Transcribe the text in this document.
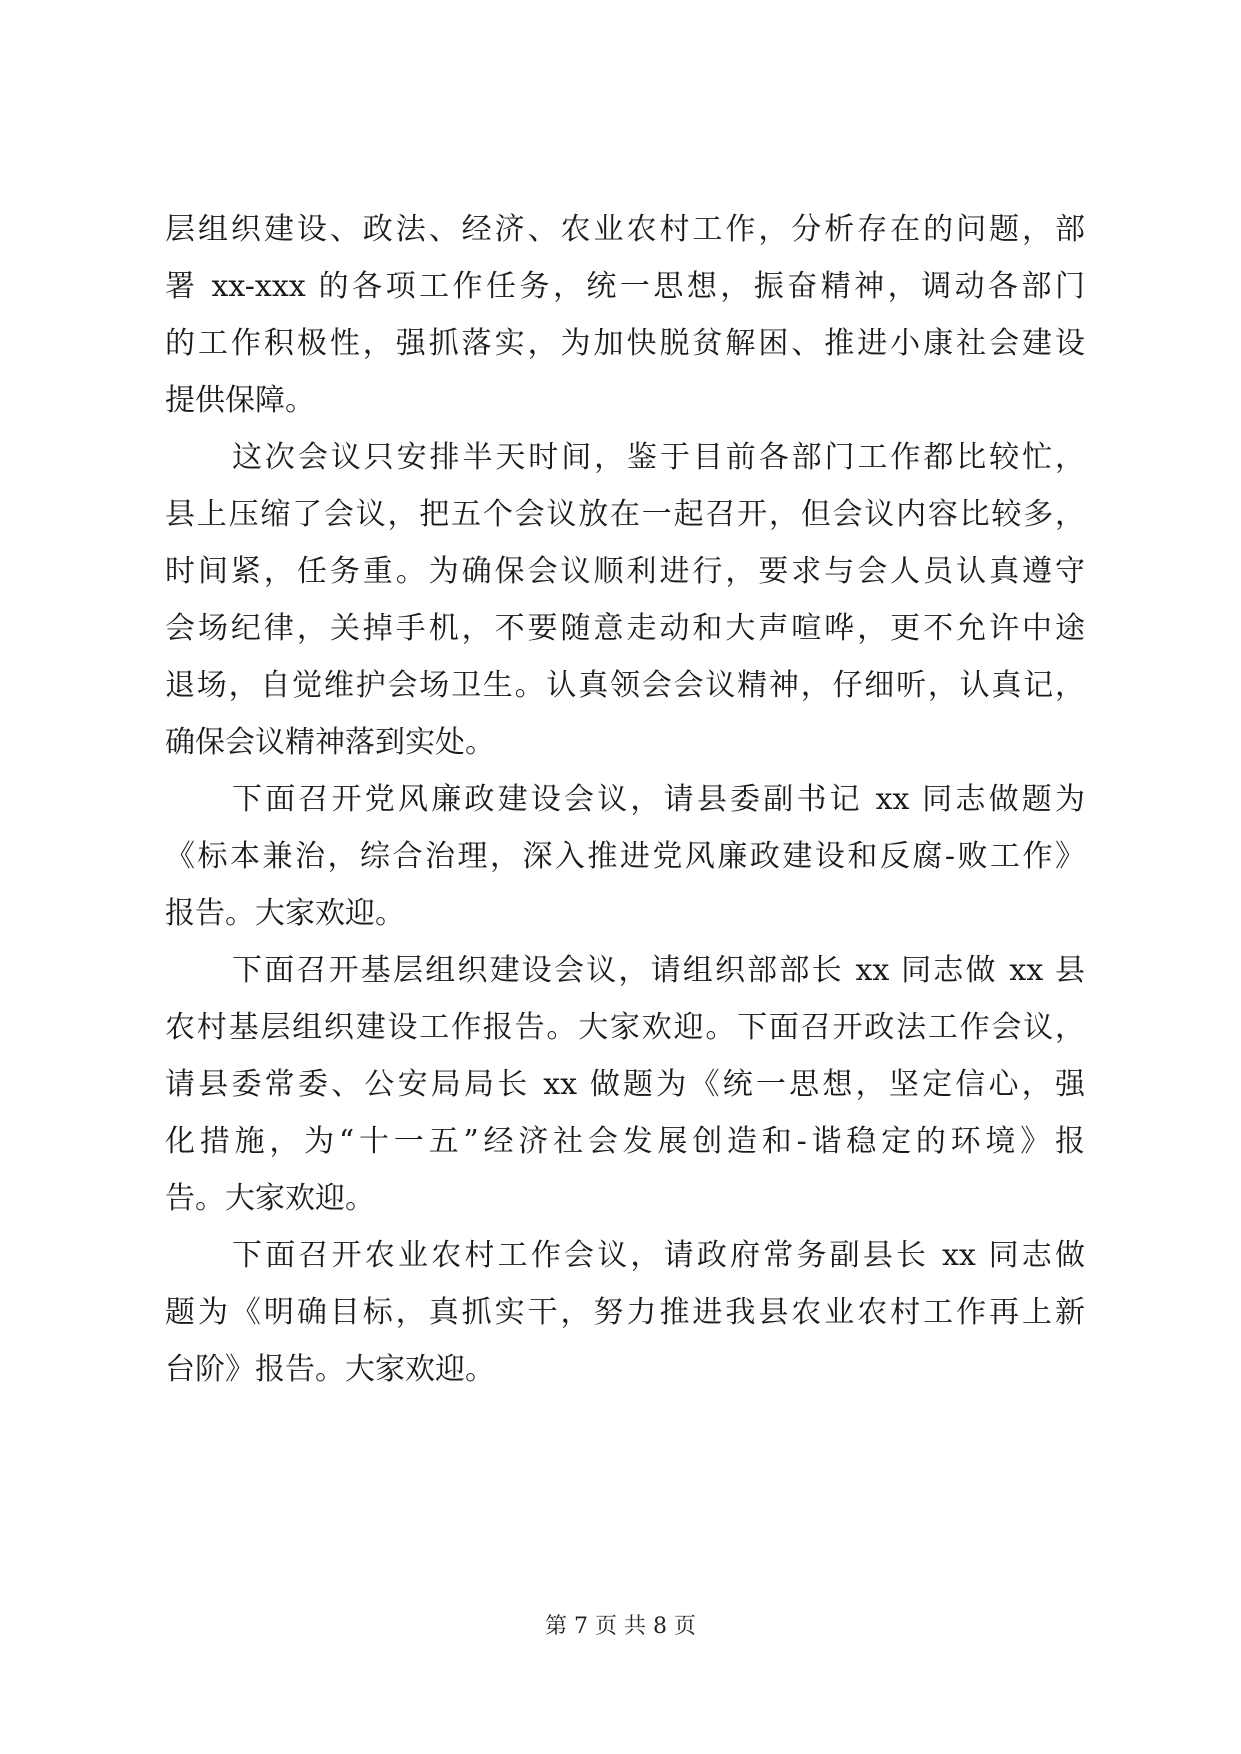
层组织建设、政法、经济、农业农村工作，分析存在的问题，部
署 xx-xxx 的各项工作任务，统一思想，振奋精神，调动各部门
的工作积极性，强抓落实，为加快脱贫解困、推进小康社会建设
提供保障。
这次会议只安排半天时间，鉴于目前各部门工作都比较忙，
县上压缩了会议，把五个会议放在一起召开，但会议内容比较多，
时间紧，任务重。为确保会议顺利进行，要求与会人员认真遵守
会场纪律，关掉手机，不要随意走动和大声喧哗，更不允许中途
退场，自觉维护会场卫生。认真领会会议精神，仔细听，认真记，
确保会议精神落到实处。
下面召开党风廉政建设会议，请县委副书记 xx 同志做题为
《标本兼治，综合治理，深入推进党风廉政建设和反腐-败工作》
报告。大家欢迎。
下面召开基层组织建设会议，请组织部部长 xx 同志做 xx 县
农村基层组织建设工作报告。大家欢迎。下面召开政法工作会议，
请县委常委、公安局局长 xx 做题为《统一思想，坚定信心，强
化措施，为“十一五”经济社会发展创造和-谐稳定的环境》报
告。大家欢迎。
下面召开农业农村工作会议，请政府常务副县长 xx 同志做
题为《明确目标，真抓实干，努力推进我县农业农村工作再上新
台阶》报告。大家欢迎。
第 7 页 共 8 页
